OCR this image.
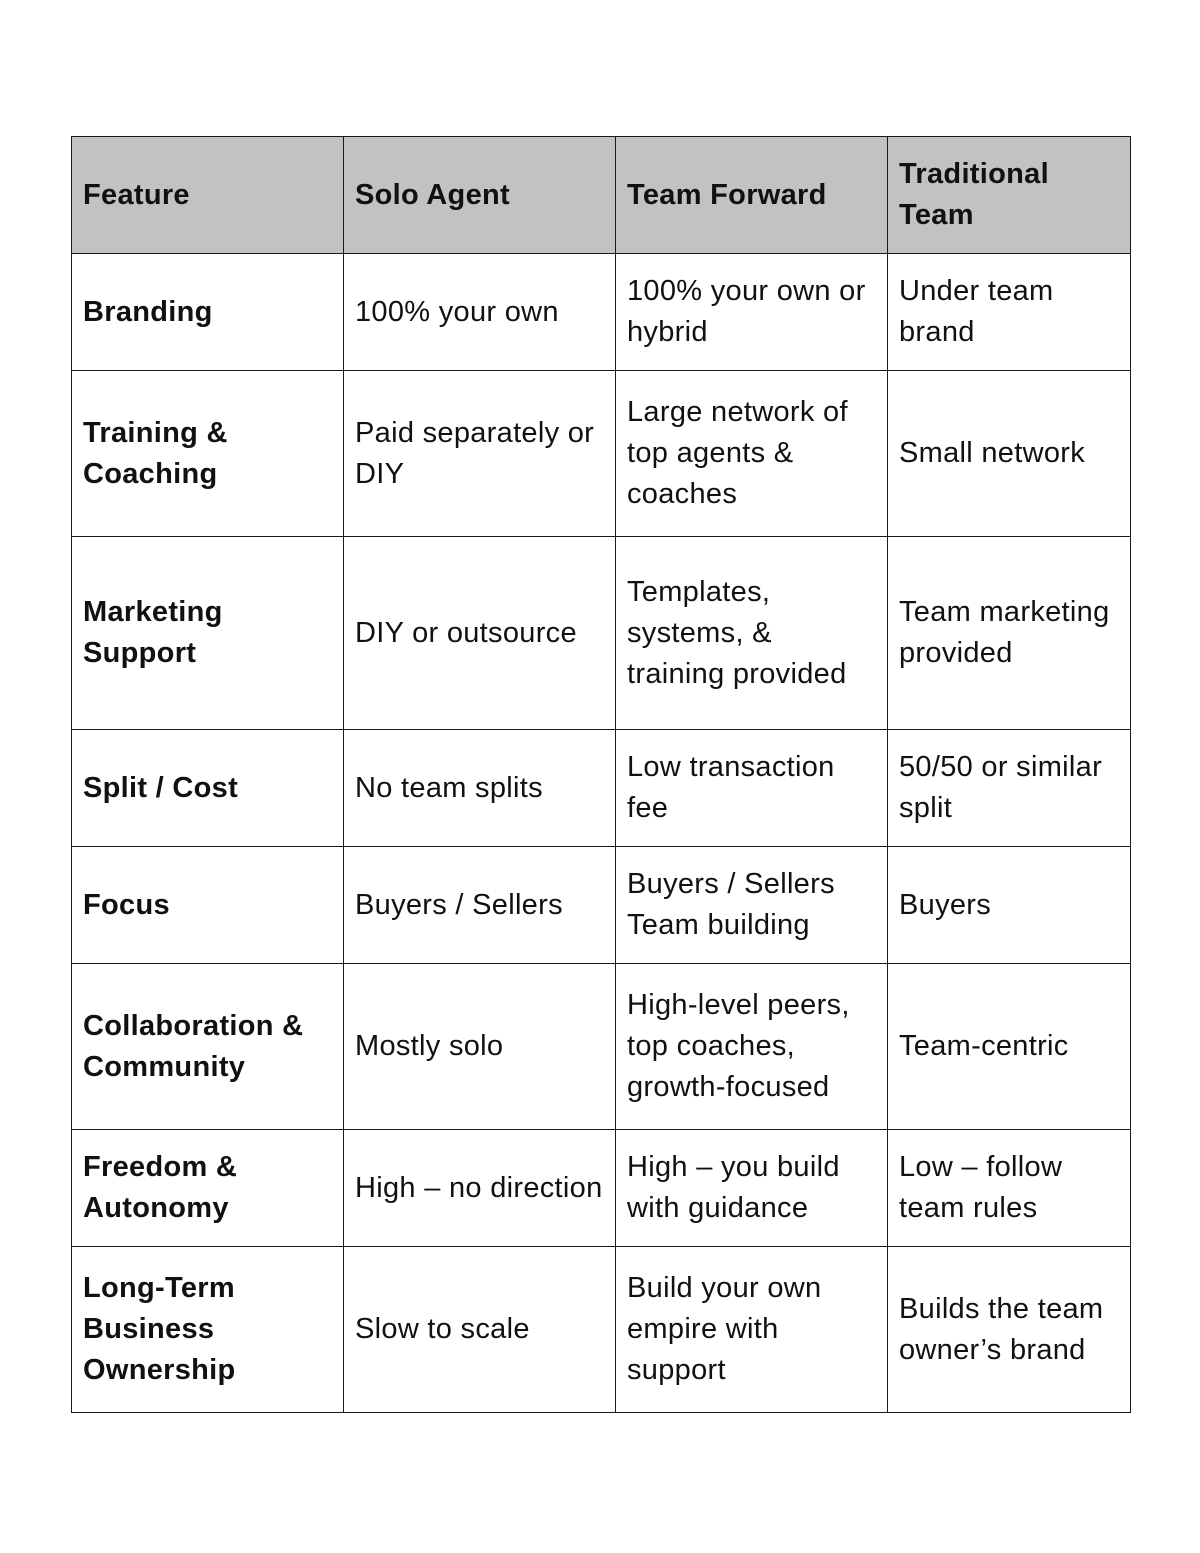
Feature	Solo Agent	Team Forward	Traditional Team
Branding	100% your own	100% your own or hybrid	Under team brand
Training & Coaching	Paid separately or DIY	Large network of top agents & coaches	Small network
Marketing Support	DIY or outsource	Templates, systems, & training provided	Team marketing provided
Split / Cost	No team splits	Low transaction fee	50/50 or similar split
Focus	Buyers / Sellers	Buyers / Sellers Team building	Buyers
Collaboration & Community	Mostly solo	High-level peers, top coaches, growth-focused	Team-centric
Freedom & Autonomy	High – no direction	High – you build with guidance	Low – follow team rules
Long-Term Business Ownership	Slow to scale	Build your own empire with support	Builds the team owner’s brand
